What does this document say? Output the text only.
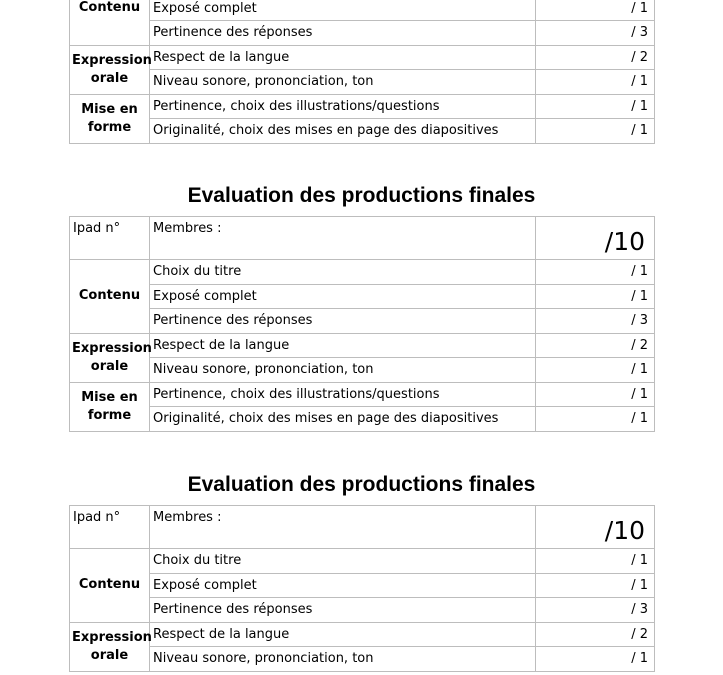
Contenu		
	Exposé complet	/ 1
	Pertinence des réponses	/ 3
Expression orale	Respect de la langue	/ 2
	Niveau sonore, prononciation, ton	/ 1
Mise en forme	Pertinence, choix des illustrations/questions	/ 1
	Originalité, choix des mises en page des diapositives	/ 1
Evaluation des productions finales
Ipad n°	Membres :	/10
Contenu	Choix du titre	/ 1
	Exposé complet	/ 1
	Pertinence des réponses	/ 3
Expression orale	Respect de la langue	/ 2
	Niveau sonore, prononciation, ton	/ 1
Mise en forme	Pertinence, choix des illustrations/questions	/ 1
	Originalité, choix des mises en page des diapositives	/ 1
Evaluation des productions finales
Ipad n°	Membres :	/10
Contenu	Choix du titre	/ 1
	Exposé complet	/ 1
	Pertinence des réponses	/ 3
Expression orale	Respect de la langue	/ 2
	Niveau sonore, prononciation, ton	/ 1
